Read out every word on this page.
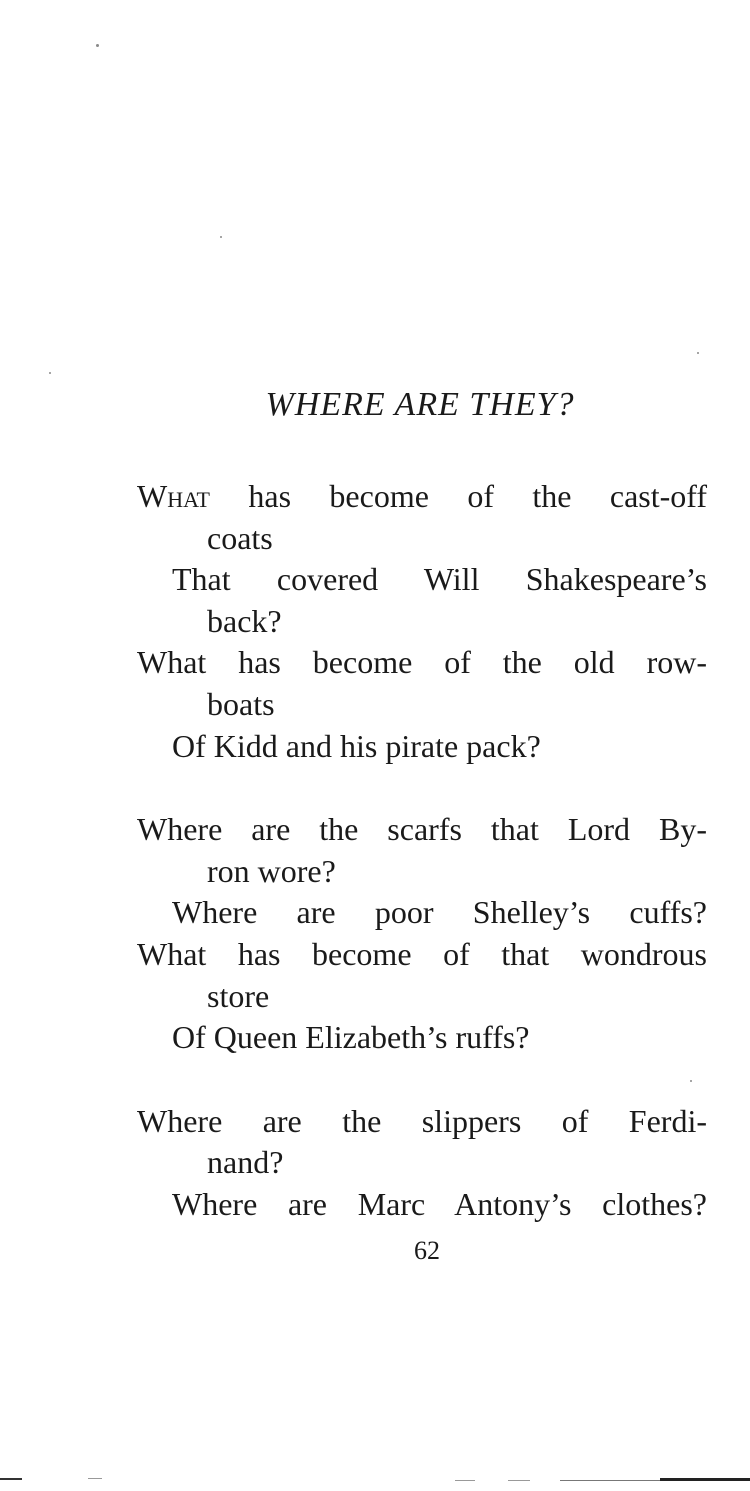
WHERE ARE THEY?
What has become of the cast-off
coats
That covered Will Shakespeare’s
back?
What has become of the old row-
boats
Of Kidd and his pirate pack?
Where are the scarfs that Lord By-
ron wore?
Where are poor Shelley’s cuffs?
What has become of that wondrous
store
Of Queen Elizabeth’s ruffs?
Where are the slippers of Ferdi-
nand?
Where are Marc Antony’s clothes?
62
